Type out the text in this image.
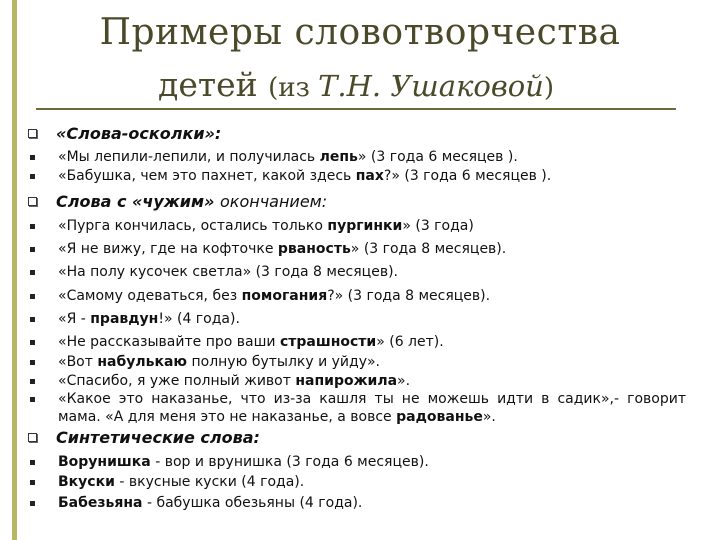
Примеры словотворчества
детей (из Т.Н. Ушаковой)
«Слова-осколки»:
«Мы лепили-лепили, и получилась лепь» (3 года 6 месяцев ).
«Бабушка, чем это пахнет, какой здесь пах?» (3 года 6 месяцев ).
Слова с «чужим» окончанием:
«Пурга кончилась, остались только пургинки» (3 года)
«Я не вижу, где на кофточке рваность» (3 года 8 месяцев).
«На полу кусочек светла» (3 года 8 месяцев).
«Самому одеваться, без помогания?» (3 года 8 месяцев).
«Я - правдун!» (4 года).
«Не рассказывайте про ваши страшности» (6 лет).
«Вот набулькаю полную бутылку и уйду».
«Спасибо, я уже полный живот напирожила».
«Какое это наказанье, что из-за кашля ты не можешь идти в садик»,- говорит мама. «А для меня это не наказанье, а вовсе радованье».
Синтетические слова:
Ворунишка - вор и врунишка (3 года 6 месяцев).
Вкуски - вкусные куски (4 года).
Бабезьяна - бабушка обезьяны (4 года).
